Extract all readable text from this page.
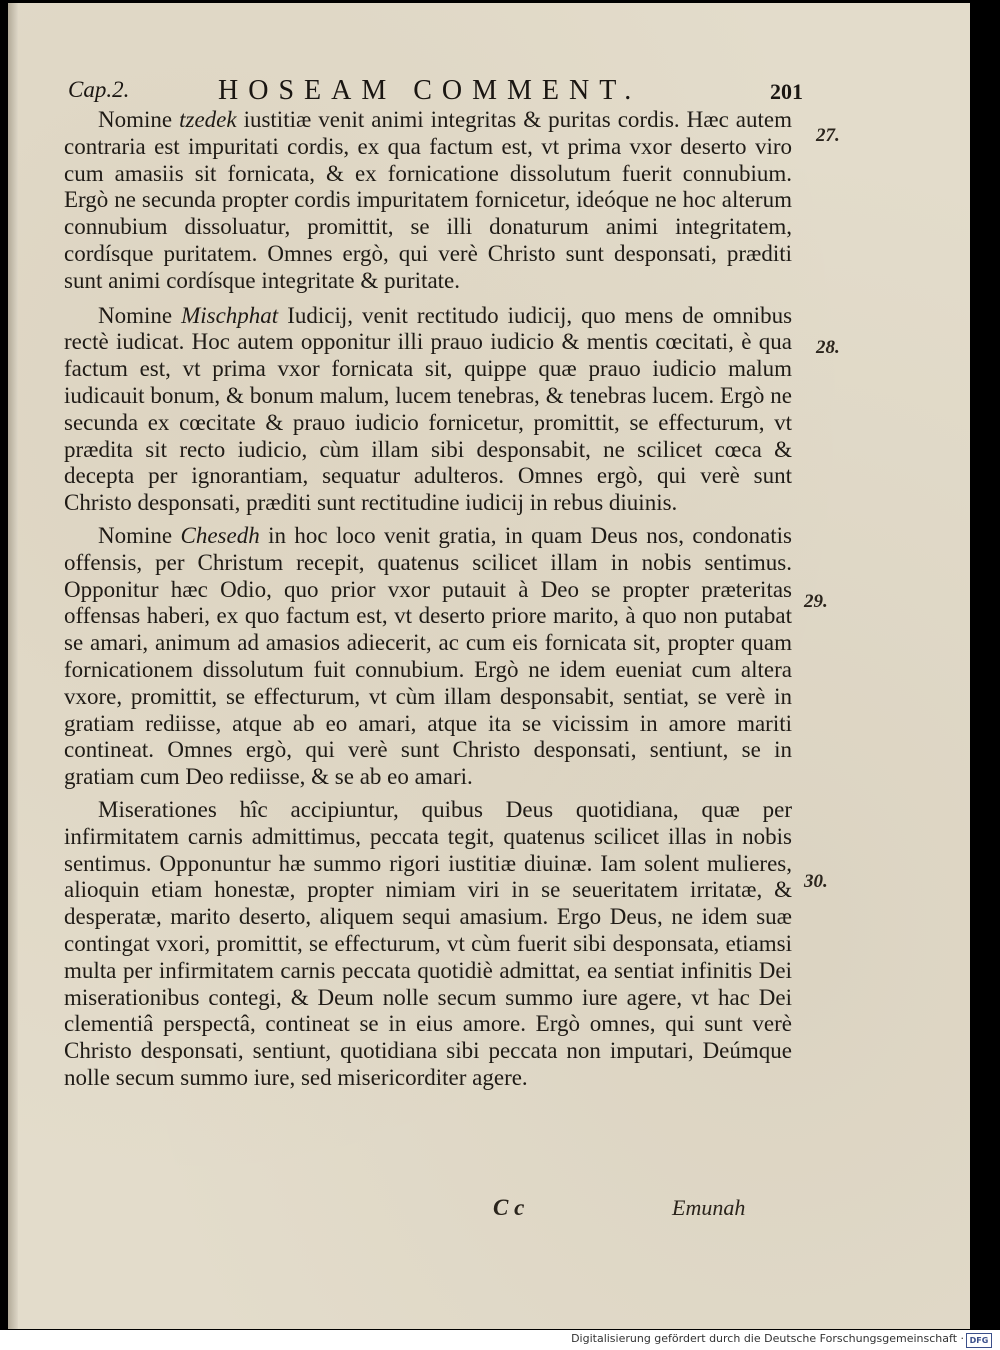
Cap.2.	HOSEAM COMMENT.	201

Nomine tzedek iustitiæ venit animi integritas & puritas cordis. Hæc autem contraria est impuritati cordis, ex qua factum est, vt prima vxor deserto viro cum amasiis sit fornicata, & ex fornicatione dissolutum fuerit connubium. Ergò ne secunda propter cordis impuritatem fornicetur, ideóque ne hoc alterum connubium dissoluatur, promittit, se illi donaturum animi integritatem, cordísque puritatem. Omnes ergò, qui verè Christo sunt desponsati, præditi sunt animi cordísque integritate & puritate.

Nomine Mischphat Iudicij, venit rectitudo iudicij, quo mens de omnibus rectè iudicat. Hoc autem opponitur illi prauo iudicio & mentis cœcitati, è qua factum est, vt prima vxor fornicata sit, quippe quæ prauo iudicio malum iudicauit bonum, & bonum malum, lucem tenebras, & tenebras lucem. Ergò ne secunda ex cœcitate & prauo iudicio fornicetur, promittit, se effecturum, vt prædita sit recto iudicio, cùm illam sibi desponsabit, ne scilicet cœca & decepta per ignorantiam, sequatur adulteros. Omnes ergò, qui verè sunt Christo desponsati, præditi sunt rectitudine iudicij in rebus diuinis.

Nomine Chesedh in hoc loco venit gratia, in quam Deus nos, condonatis offensis, per Christum recepit, quatenus scilicet illam in nobis sentimus. Opponitur hæc Odio, quo prior vxor putauit à Deo se propter præteritas offensas haberi, ex quo factum est, vt deserto priore marito, à quo non putabat se amari, animum ad amasios adiecerit, ac cum eis fornicata sit, propter quam fornicationem dissolutum fuit connubium. Ergò ne idem eueniat cum altera vxore, promittit, se effecturum, vt cùm illam desponsabit, sentiat, se verè in gratiam rediisse, atque ab eo amari, atque ita se vicissim in amore mariti contineat. Omnes ergò, qui verè sunt Christo desponsati, sentiunt, se in gratiam cum Deo rediisse, & se ab eo amari.

Miserationes hîc accipiuntur, quibus Deus quotidiana, quæ per infirmitatem carnis admittimus, peccata tegit, quatenus scilicet illas in nobis sentimus. Opponuntur hæ summo rigori iustitiæ diuinæ. Iam solent mulieres, alioquin etiam honestæ, propter nimiam viri in se seueritatem irritatæ, & desperatæ, marito deserto, aliquem sequi amasium. Ergo Deus, ne idem suæ contingat vxori, promittit, se effecturum, vt cùm fuerit sibi desponsata, etiamsi multa per infirmitatem carnis peccata quotidiè admittat, ea sentiat infinitis Dei miserationibus contegi, & Deum nolle secum summo iure agere, vt hac Dei clementiâ perspectâ, contineat se in eius amore. Ergò omnes, qui sunt verè Christo desponsati, sentiunt, quotidiana sibi peccata non imputari, Deúmque nolle secum summo iure, sed misericorditer agere.

27.
28.
29.
30.
C c	Emunah
Digitalisierung gefördert durch die Deutsche Forschungsgemeinschaft · DFG
